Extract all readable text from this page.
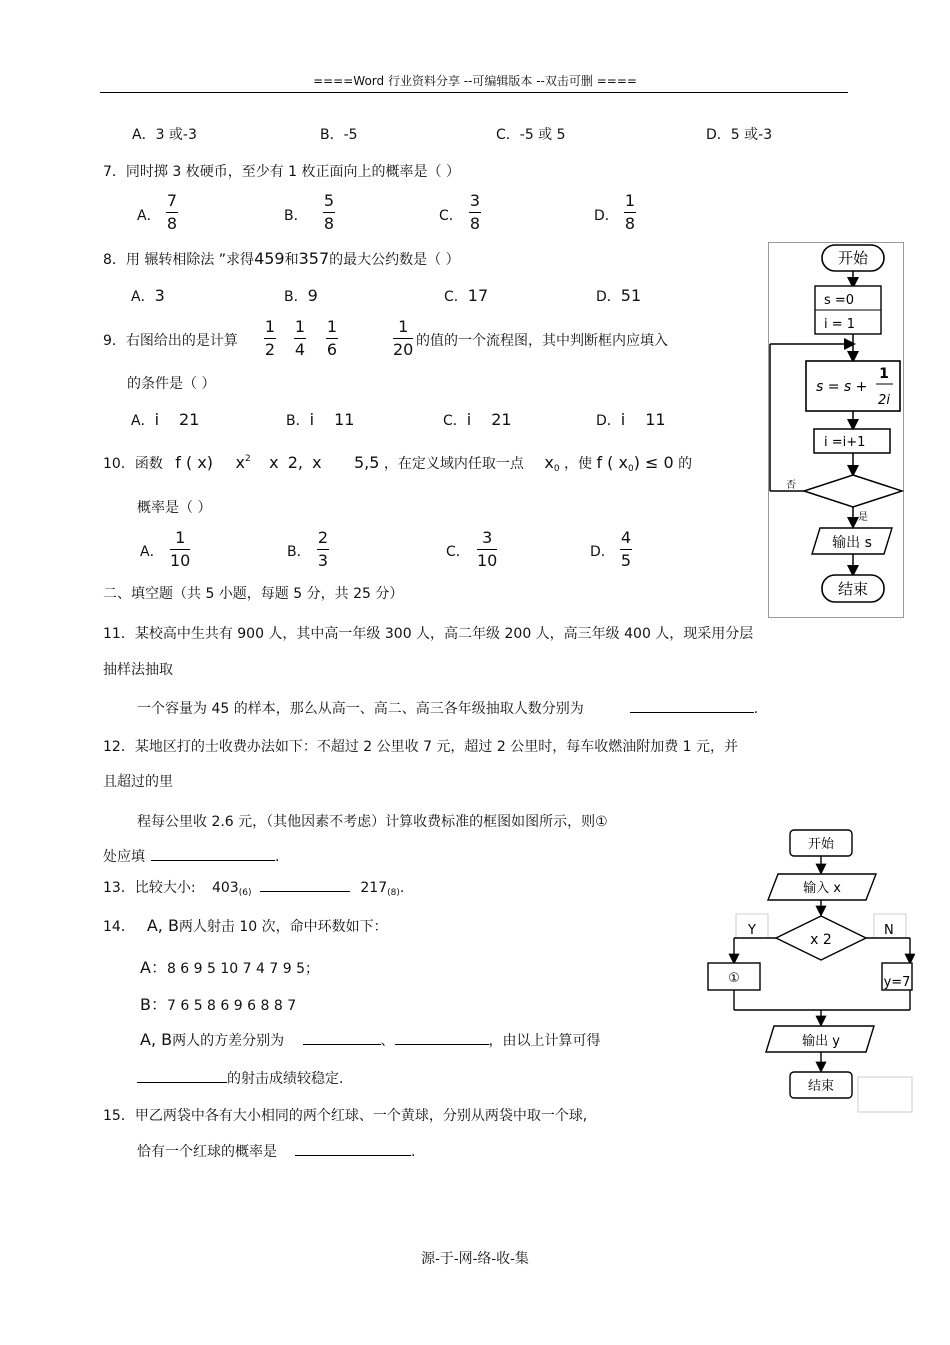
====Word 行业资料分享 --可编辑版本 --双击可删 ====
A．3 或-3	B．-5	C．-5 或 5	D．5 或-3
7．同时掷 3 枚硬币，至少有 1 枚正面向上的概率是（ ）
A．
7
8	B．
5
8	C．
3
8	D．
1
8
8．用 辗转相除法 ”求得459和357的最大公约数是（ ）
A．3	B．9	C．17	D．51
9．右图给出的是计算
1
2
1
4
1
6
1
20 的值的一个流程图，其中判断框内应填入
的条件是（ ）
A．i 21	B．i 11	C．i 21	D．i 11
10．函数 f ( x) $x^2$ x 2, x 5,5 ，在定义域内任取一点 $x_0$ ，使 f ( $x_0) \le 0$ 的
概率是（ ）
A．
1
10	B．
2
3	C．
3
10	D．
4
5
二、填空题（共 5 小题，每题 5 分，共 25 分）
11．某校高中生共有 900 人，其中高一年级 300 人，高二年级 200 人，高三年级 400 人，现采用分层
抽样法抽取
一个容量为 45 的样本，那么从高一、高二、高三各年级抽取人数分别为	.
12．某地区打的士收费办法如下：不超过 2 公里收 7 元，超过 2 公里时，每车收燃油附加费 1 元，并
且超过的里
程每公里收 2.6 元，（其他因素不考虑）计算收费标准的框图如图所示，则①
处应填	.
13．比较大小: $403_{(6)}$	$217_{(8)}$.
14． A, B两人射击 10 次，命中环数如下：
A：8 6 9 5 10 7 4 7 9 5；
B：7 6 5 8 6 9 6 8 8 7
A, B两人的方差分别为	、	，由以上计算可得
的射击成绩较稳定.
15．甲乙两袋中各有大小相同的两个红球、一个黄球，分别从两袋中取一个球,
恰有一个红球的概率是	.
开始
s =0
i = 1
s = s +
1
2i
i =i+1
否
是
输出 s
结束
开始
输入 x
x 2
Y	N
①	y=7
输出 y
结束
源-于-网-络-收-集
